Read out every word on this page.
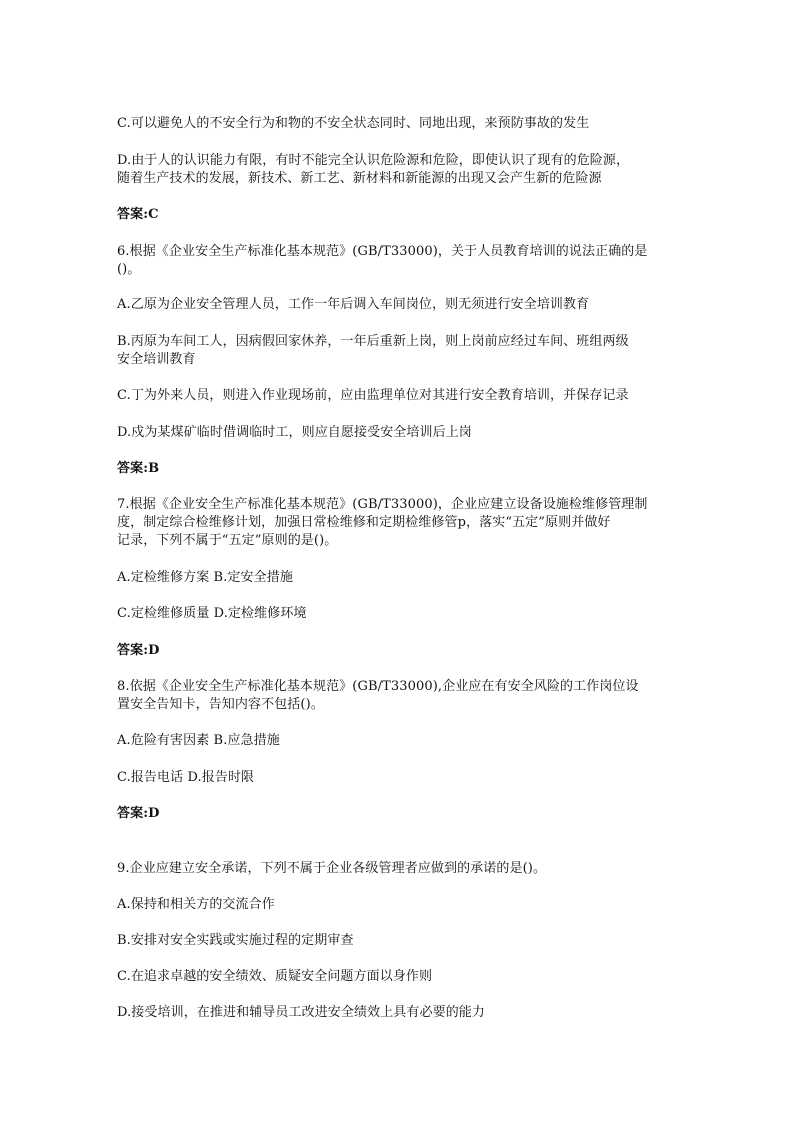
C.可以避免人的不安全行为和物的不安全状态同时、同地出现，来预防事故的发生
D.由于人的认识能力有限，有时不能完全认识危险源和危险，即使认识了现有的危险源，
随着生产技术的发展，新技术、新工艺、新材料和新能源的出现又会产生新的危险源
答案:C
6.根据《企业安全生产标准化基本规范》(GB/T33000)，关于人员教育培训的说法正确的是
()。
A.乙原为企业安全管理人员，工作一年后调入车间岗位，则无须进行安全培训教育
B.丙原为车间工人，因病假回家休养，一年后重新上岗，则上岗前应经过车间、班组两级
安全培训教育
C.丁为外来人员，则进入作业现场前，应由监理单位对其进行安全教育培训，并保存记录
D.戍为某煤矿临时借调临时工，则应自愿接受安全培训后上岗
答案:B
7.根据《企业安全生产标准化基本规范》(GB/T33000)，企业应建立设备设施检维修管理制
度，制定综合检维修计划，加强日常检维修和定期检维修管p，落实“五定”原则并做好
记录，下列不属于“五定”原则的是()。
A.定检维修方案 B.定安全措施
C.定检维修质量 D.定检维修环境
答案:D
8.依据《企业安全生产标准化基本规范》(GB/T33000),企业应在有安全风险的工作岗位设
置安全告知卡，告知内容不包括()。
A.危险有害因素 B.应急措施
C.报告电话 D.报告时限
答案:D
9.企业应建立安全承诺，下列不属于企业各级管理者应做到的承诺的是()。
A.保持和相关方的交流合作
B.安排对安全实践或实施过程的定期审查
C.在追求卓越的安全绩效、质疑安全问题方面以身作则
D.接受培训，在推进和辅导员工改进安全绩效上具有必要的能力
